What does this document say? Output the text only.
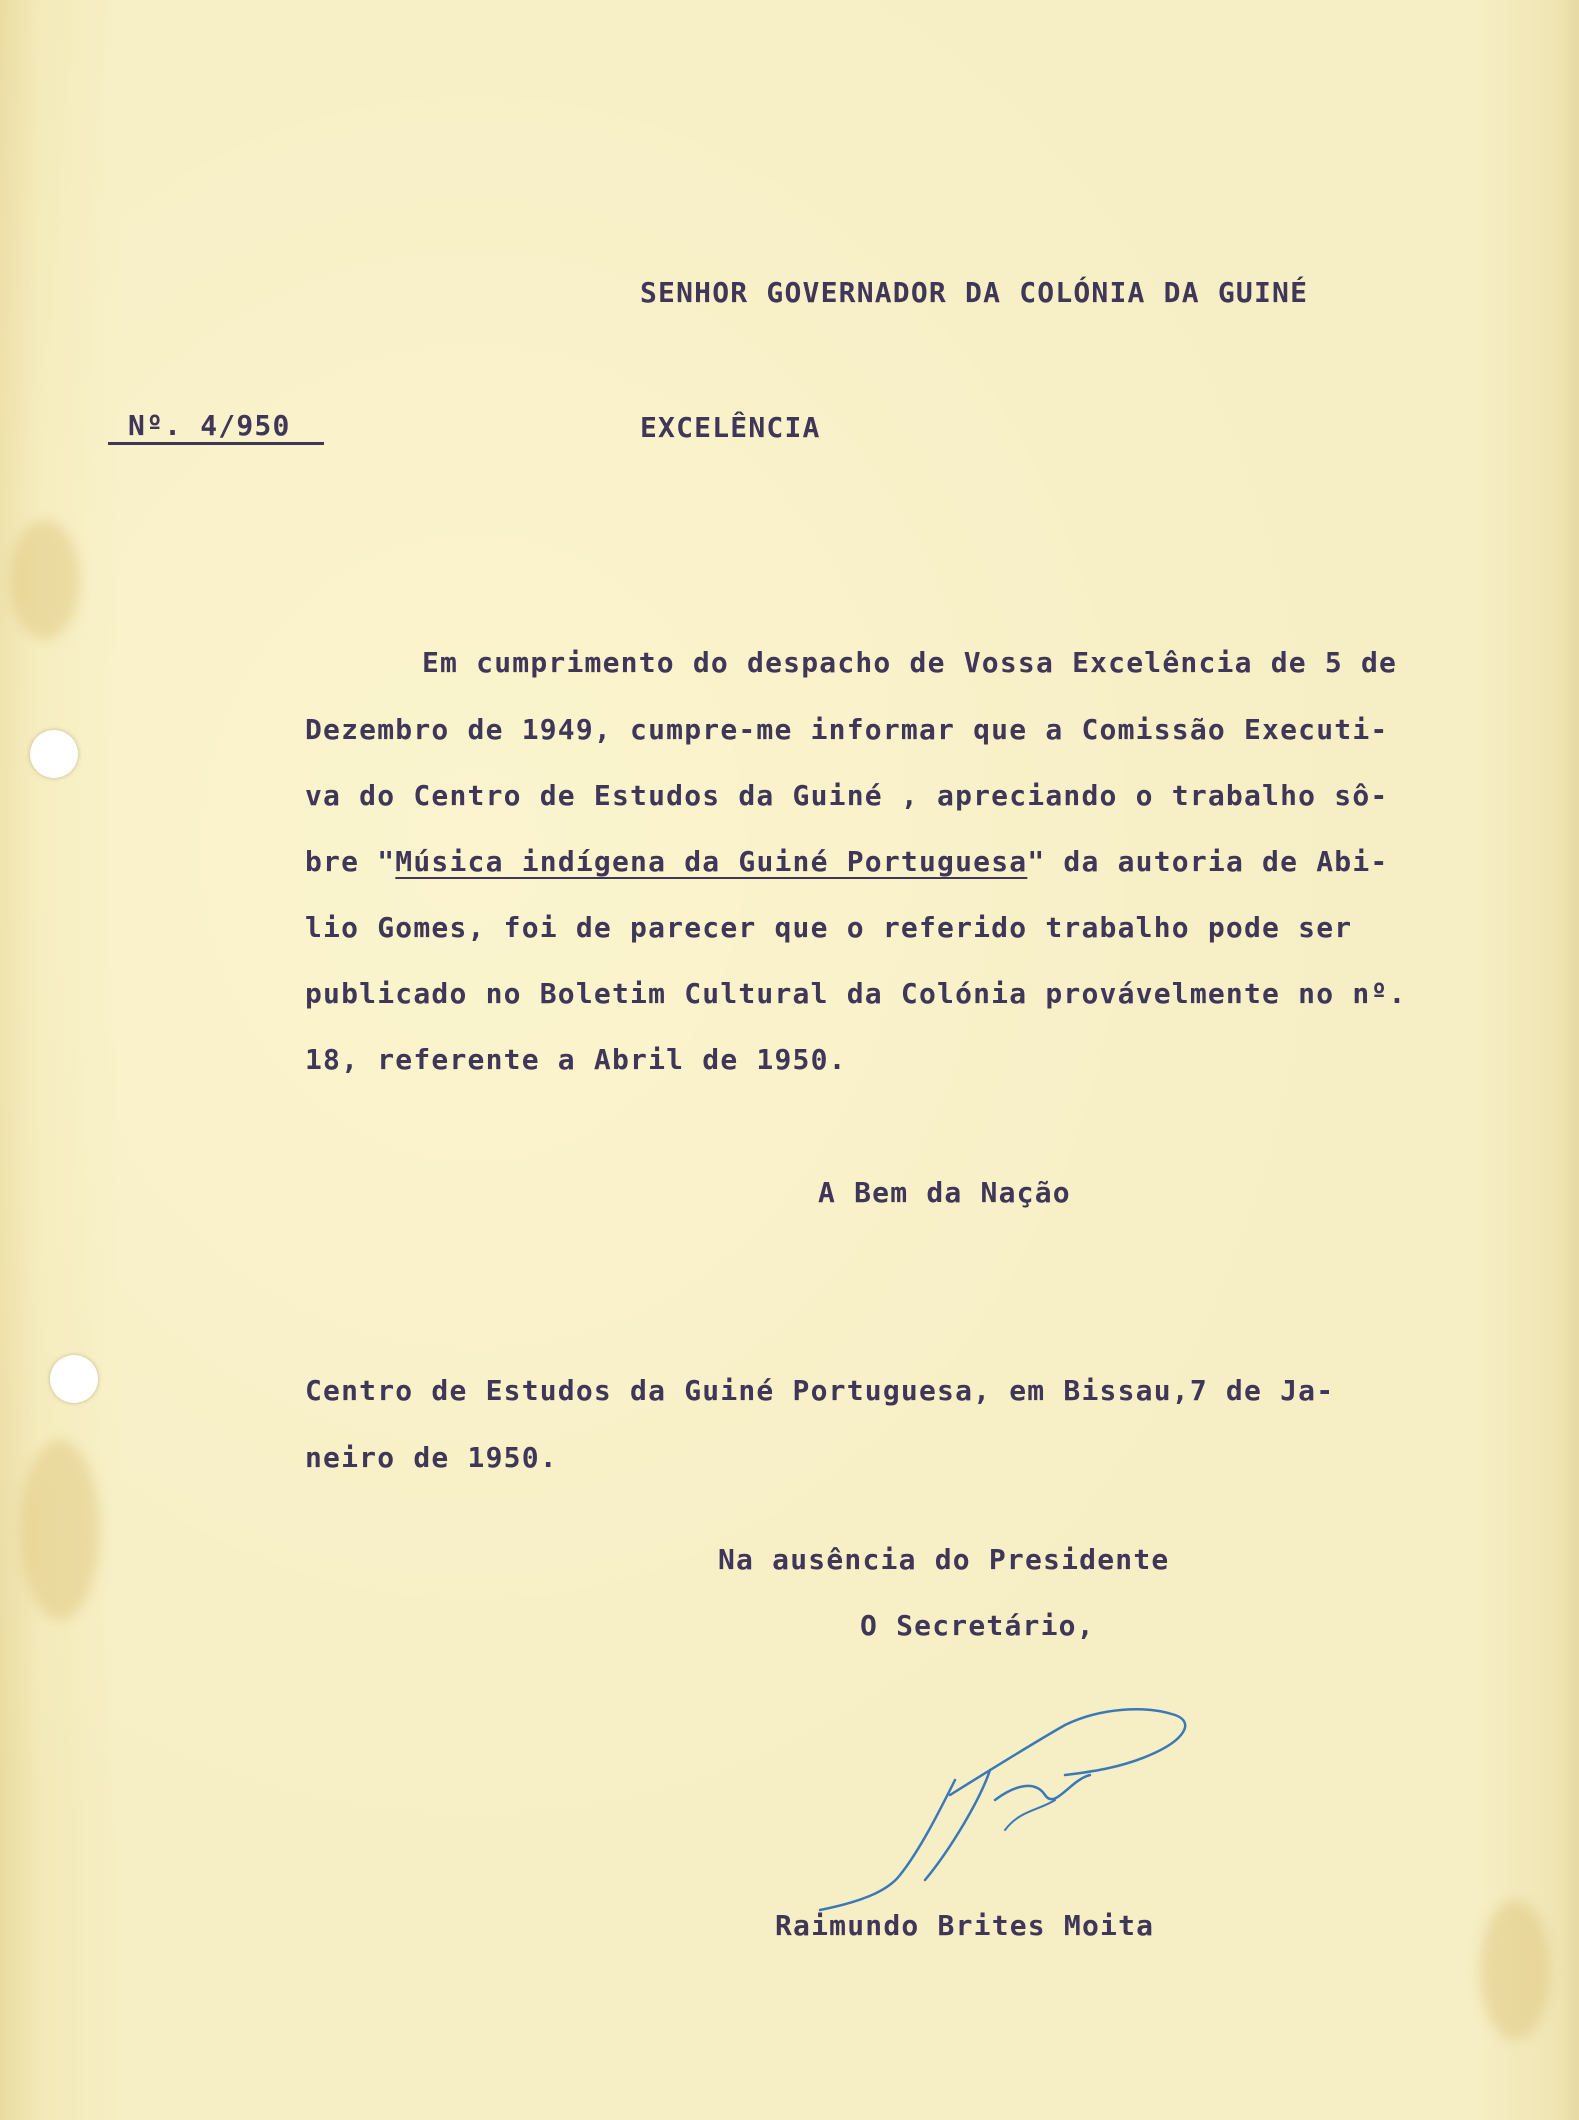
SENHOR GOVERNADOR DA COLÓNIA DA GUINÉ
Nº. 4/950	EXCELÊNCIA
Em cumprimento do despacho de Vossa Excelência de 5 de
Dezembro de 1949, cumpre-me informar que a Comissão Executi-
va do Centro de Estudos da Guiné , apreciando o trabalho sô-
bre "Música indígena da Guiné Portuguesa" da autoria de Abi-
lio Gomes, foi de parecer que o referido trabalho pode ser
publicado no Boletim Cultural da Colónia provávelmente no nº.
18, referente a Abril de 1950.
A Bem da Nação
Centro de Estudos da Guiné Portuguesa, em Bissau,7 de Ja-
neiro de 1950.
Na ausência do Presidente
O Secretário,
Raimundo Brites Moita
